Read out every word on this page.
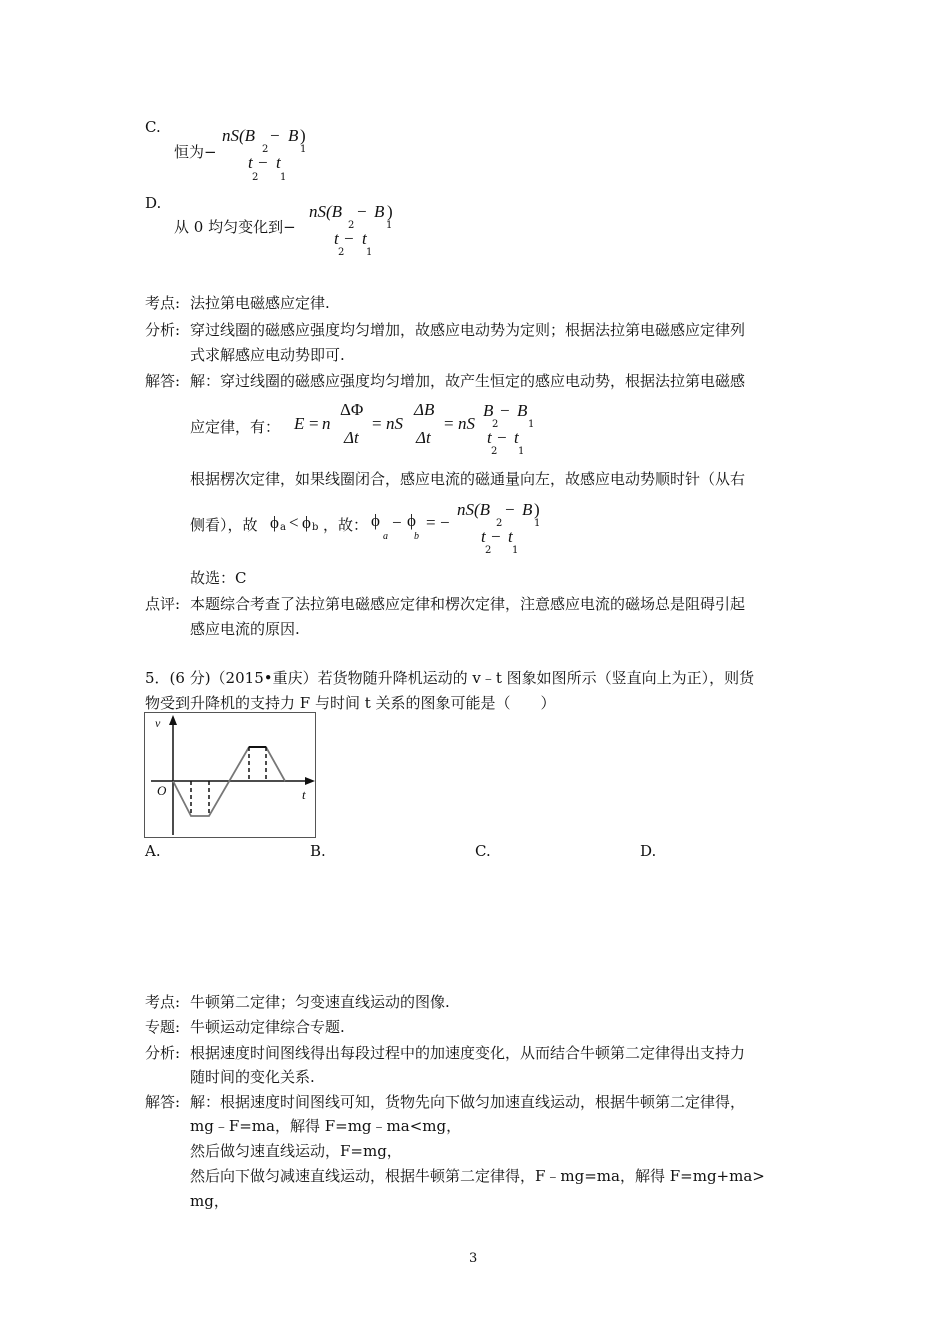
C.
恒为−
nS(B − B )
2	1
t − t
2 1
D.
从 0 均匀变化到−
nS(B − B )
2	1
t − t
2 1
考点: 法拉第电磁感应定律.
分析: 穿过线圈的磁感应强度均匀增加，故感应电动势为定则；根据法拉第电磁感应定律列
式求解感应电动势即可.
解答: 解：穿过线圈的磁感应强度均匀增加，故产生恒定的感应电动势，根据法拉第电磁感
应定律，有： E = n
ΔΦ
Δt
= nS
ΔB
Δt
= nS
B − B
2	1
t − t
2 1
根据楞次定律，如果线圈闭合，感应电流的磁通量向左，故感应电动势顺时针（从右
侧看），故 ϕ a < ϕ b ，故： ϕ
a
− ϕ
b
= −
nS(B − B )
2	1
t − t
2 1
故选：C
点评: 本题综合考查了法拉第电磁感应定律和楞次定律，注意感应电流的磁场总是阻碍引起
感应电流的原因.
5．(6 分)（2015•重庆）若货物随升降机运动的 v﹣t 图象如图所示（竖直向上为正），则货
物受到升降机的支持力 F 与时间 t 关系的图象可能是（　　）
v
O	t
A.	B.	C.	D.
考点: 牛顿第二定律；匀变速直线运动的图像.
专题: 牛顿运动定律综合专题.
分析: 根据速度时间图线得出每段过程中的加速度变化，从而结合牛顿第二定律得出支持力
随时间的变化关系.
解答: 解：根据速度时间图线可知，货物先向下做匀加速直线运动，根据牛顿第二定律得，
mg﹣F=ma，解得 F=mg﹣ma<mg，
然后做匀速直线运动，F=mg，
然后向下做匀减速直线运动，根据牛顿第二定律得，F﹣mg=ma，解得 F=mg+ma>
mg，
3
